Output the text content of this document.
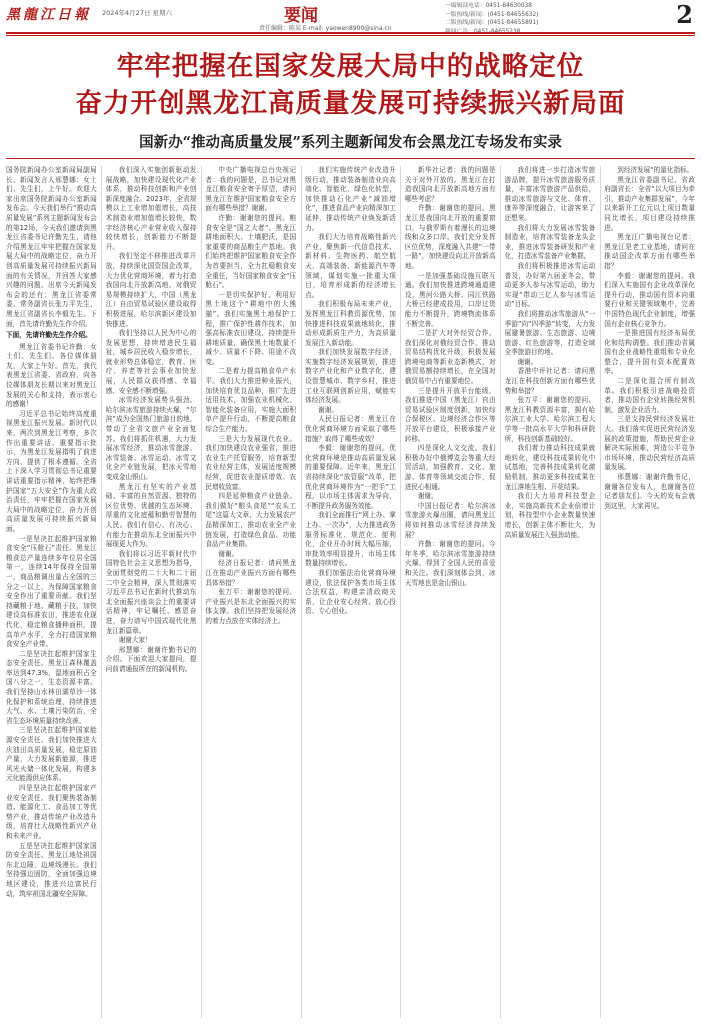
黑龍江日報 2024年4月27日 星期六	要闻
责任编辑：陈某 E-mail: yaowen8900@sina.cn
一编辑部电话：0451-84630038
一版热线/新闻：(0451-84655632)
二版热线/新闻：(0451-84655891)	2
牢牢把握在国家发展大局中的战略定位
奋力开创黑龙江高质量发展可持续振兴新局面
国新办“推动高质量发展”系列主题新闻发布会黑龙江专场发布实录

国务院新闻办公室新闻局副局长、新闻发言人邢慧娜：女士们、先生们，上午好。欢迎大家出席国务院新闻办公室新闻发布会。今天我们举行“推动高质量发展”系列主题新闻发布会的第12场，今天我们邀请到黑龙江省委书记许勤先生，请他介绍黑龙江牢牢把握在国家发展大局中的战略定位，奋力开创高质量发展可持续振兴新局面的有关情况，并回答大家感兴趣的问题。出席今天新闻发布会的还有：黑龙江省委常委、常务副省长张万平先生，黑龙江省副省长李毅先生。下面，首先请许勤先生作介绍。

下面，先请许勤先生作介绍。

黑龙江省委书记许勤：女士们、先生们、各位媒体朋友，大家上午好。首先，我代表黑龙江省委、省政府，向各位媒体朋友长期以来对黑龙江发展的关心和支持，表示衷心的感谢！

习近平总书记始终高度重视黑龙江振兴发展。新时代以来，两次到黑龙江考察，多次作出重要讲话、重要指示批示，为黑龙江发展指明了前进方向、提供了根本遵循。全省上下深入学习贯彻总书记重要讲话重要指示精神，始终把维护国家“五大安全”作为重大政治责任，牢牢把握在国家发展大局中的战略定位，奋力开创高质量发展可持续振兴新局面。

一是坚决扛起维护国家粮食安全“压舱石”责任。黑龙江粮食总产量连续多年位居全国第一，连续14年保持全国第一，商品粮调出量占全国的三分之一以上，为保障国家粮食安全作出了重要贡献。我们坚持藏粮于地、藏粮于技，加快建设高标准农田，推进农业现代化，稳定粮食播种面积，提高单产水平，全力打造国家粮食安全产业带。

二是坚决扛起维护国家生态安全责任。黑龙江森林覆盖率达到47.3%，湿地面积占全国八分之一，生态资源丰富。我们坚持山水林田湖草沙一体化保护和系统治理，持续推进大气、水、土壤污染防治，全省生态环境质量持续改善。

三是坚决扛起维护国家能源安全责任。我们加快推进大庆油田高质量发展，稳定原油产量，大力发展新能源，推进风光火储一体化发展，构建多元化能源供应体系。

四是坚决扛起维护国家产业安全责任。我们聚焦装备制造、能源化工、食品加工等优势产业，推动传统产业改造升级，培育壮大战略性新兴产业和未来产业。

五是坚决扛起维护国家国防安全责任。黑龙江地处祖国东北边陲，边境线漫长。我们坚持强边固防，全面加强边境地区建设，推进兴边富民行动，筑牢祖国北疆安全屏障。

我们深入实施创新驱动发展战略，加快建设现代化产业体系，推动科技创新和产业创新深度融合。2023年，全省规模以上工业增加值增长，高技术制造业增加值增长较快，数字经济核心产业营业收入保持较快增长，创新能力不断提升。

我们坚定不移推进改革开放，持续深化国资国企改革，大力优化营商环境，着力打造我国向北开放新高地。对俄贸易规模持续扩大，中国（黑龙江）自由贸易试验区建设取得积极进展，哈尔滨新区建设加快推进。

我们坚持以人民为中心的发展思想，持续增进民生福祉，城乡居民收入稳步增长，就业形势总体稳定，教育、医疗、养老等社会事业加快发展，人民群众获得感、幸福感、安全感不断增强。

冰雪经济发展势头强劲。哈尔滨冰雪旅游持续火爆，“尔滨”成为全国热门旅游目的地，带动了全省文旅产业全面复苏。我们将抓住机遇，大力发展冰雪经济，推动冰雪旅游、冰雪装备、冰雪运动、冰雪文化全产业链发展，把冰天雪地变成金山银山。

黑龙江有坚实的产业基础、丰富的自然资源、独特的区位优势、优越的生态环境、厚重的文化底蕴和勤劳智慧的人民。我们有信心、有决心、有能力在推动东北全面振兴中展现更大作为。

我们将以习近平新时代中国特色社会主义思想为指导，全面贯彻党的二十大和二十届二中全会精神，深入贯彻落实习近平总书记在新时代推动东北全面振兴座谈会上的重要讲话精神，牢记嘱托、感恩奋进，奋力谱写中国式现代化黑龙江新篇章。

谢谢大家！

邢慧娜：谢谢许勤书记的介绍。下面欢迎大家提问，提问前请通报所在的新闻机构。

中央广播电视总台央视记者：我的问题是，总书记对黑龙江粮食安全寄予厚望，请问黑龙江在维护国家粮食安全方面有哪些举措？谢谢。

许勤：谢谢您的提问。粮食安全是“国之大者”。黑龙江耕地面积大、土壤肥沃，是国家重要的商品粮生产基地。我们始终把维护国家粮食安全作为首要担当，全力扛稳粮食安全重任，当好国家粮食安全“压舱石”。

一是切实保护好、利用好黑土地这个“耕地中的大熊猫”。我们实施黑土地保护工程，推广保护性耕作技术，加强高标准农田建设，持续提升耕地质量，确保黑土地数量不减少、质量不下降、用途不改变。

二是着力提高粮食单产水平。我们大力推进种业振兴，加快培育优良品种，推广先进适用技术，加强农业机械化、智能化装备应用，实施大面积单产提升行动，不断提高粮食综合生产能力。

三是大力发展现代农业。我们加快建设农业强省，推进农业生产托管服务，培育新型农业经营主体，发展适度规模经营，促进农业提质增效、农民增收致富。

四是延伸粮食产业链条。我们做好“粮头食尾”“农头工尾”这篇大文章，大力发展农产品精深加工，推动农业全产业链发展，打造绿色食品、功能食品产业集群。

谢谢。

经济日报记者：请问黑龙江在推动产业振兴方面有哪些具体举措？

张万平：谢谢您的提问。产业振兴是东北全面振兴的实体支撑。我们坚持把发展经济的着力点放在实体经济上。

我们实施传统产业改造升级行动，推动装备制造业向高端化、智能化、绿色化转型，加快推动石化产业“减油增化”，推进食品产业向精深加工延伸，推动传统产业焕发新活力。

我们大力培育战略性新兴产业，聚焦新一代信息技术、新材料、生物医药、航空航天、高端装备、新能源汽车等领域，谋划实施一批重大项目，培育形成新的经济增长点。

我们积极布局未来产业，发挥黑龙江科教资源优势，加快推进科技成果就地转化，推动形成新质生产力，为高质量发展注入新动能。

我们加快发展数字经济，实施数字经济发展规划，推进数字产业化和产业数字化，建设智慧城市、数字乡村，推进工业互联网创新应用，赋能实体经济发展。

谢谢。

人民日报记者：黑龙江在优化营商环境方面采取了哪些措施？取得了哪些成效？

李毅：谢谢您的提问。优化营商环境是推动高质量发展的重要保障。近年来，黑龙江省持续深化“放管服”改革，把优化营商环境作为“一把手”工程，以市场主体需求为导向，不断提升政务服务效能。

我们全面推行“网上办、掌上办、一次办”，大力推进政务服务标准化、规范化、便利化，企业开办时间大幅压缩，审批效率明显提升，市场主体数量持续增长。

我们加强法治化营商环境建设，依法保护各类市场主体合法权益，构建亲清政商关系，让企业安心经营、放心投资、专心创业。

新华社记者：我的问题是关于对外开放的。黑龙江在打造我国向北开放新高地方面有哪些考虑？

许勤：谢谢您的提问。黑龙江是我国向北开放的重要窗口，与俄罗斯有着漫长的边境线和众多口岸。我们充分发挥区位优势，深度融入共建“一带一路”，加快建设向北开放新高地。

一是加强基础设施互联互通。我们加快推进跨境通道建设，黑河公路大桥、同江铁路大桥已经建成投用，口岸过货能力不断提升，跨境物流体系不断完善。

二是扩大对外经贸合作。我们深化对俄经贸合作，推动贸易结构优化升级，积极发展跨境电商等新业态新模式，对俄贸易额持续增长，在全国对俄贸易中占有重要地位。

三是提升开放平台能级。我们推进中国（黑龙江）自由贸易试验区制度创新，加快综合保税区、边境经济合作区等开放平台建设，积极承接产业转移。

四是深化人文交流。我们积极办好中俄博览会等重大经贸活动，加强教育、文化、旅游、体育等领域交流合作，促进民心相通。

谢谢。

中国日报记者：哈尔滨冰雪旅游火爆出圈，请问黑龙江将如何推动冰雪经济持续发展？

许勤：谢谢您的提问。今年冬季，哈尔滨冰雪旅游持续火爆，得到了全国人民的喜爱和关注。我们深刻体会到，冰天雪地也是金山银山。

我们将进一步打造冰雪旅游品牌，提升冰雪旅游服务质量，丰富冰雪旅游产品供给，推动冰雪旅游与文化、体育、康养等深度融合，让游客来了还想来。

我们将大力发展冰雪装备制造业，培育冰雪装备龙头企业，推进冰雪装备研发和产业化，打造冰雪装备产业集群。

我们将积极推进冰雪运动普及，办好第九届亚冬会，带动更多人参与冰雪运动，助力实现“带动三亿人参与冰雪运动”目标。

我们将推动冰雪旅游从“一季游”向“四季游”转变，大力发展避暑旅游、生态旅游、边境旅游、红色旅游等，打造全域全季旅游目的地。

谢谢。

香港中评社记者：请问黑龙江在科技创新方面有哪些优势和举措？

张万平：谢谢您的提问。黑龙江科教资源丰富，拥有哈尔滨工业大学、哈尔滨工程大学等一批高水平大学和科研院所，科技创新基础较好。

我们着力推动科技成果就地转化，建设科技成果转化中试基地，完善科技成果转化激励机制，推动更多科技成果在龙江落地生根、开花结果。

我们大力培育科技型企业，实施高新技术企业倍增计划，科技型中小企业数量快速增长，创新主体不断壮大，为高质量发展注入强劲动能。

到经济发展“的量化指标。

黑龙江省委副书记、省政府副省长：全省“以大项目为牵引，推动产业集群发展”，今年以来新开工亿元以上项目数量同比增长，项目建设持续推进。

黑龙江广播电视台记者：黑龙江是老工业基地，请问在推动国企改革方面有哪些举措？

李毅：谢谢您的提问。我们深入实施国有企业改革深化提升行动，推动国有资本向重要行业和关键领域集中，完善中国特色现代企业制度，增强国有企业核心竞争力。

一是推进国有经济布局优化和结构调整。我们推动省属国有企业战略性重组和专业化整合，提升国有资本配置效率。

二是深化混合所有制改革。我们积极引进战略投资者，推动国有企业转换经营机制，激发企业活力。

三是支持民营经济发展壮大。我们落实促进民营经济发展的政策措施，帮助民营企业解决实际困难，营造公平竞争市场环境，推动民营经济高质量发展。

邢慧娜：谢谢许勤书记，谢谢各位发布人，也谢谢各位记者朋友们。今天的发布会就到这里，大家再见。
